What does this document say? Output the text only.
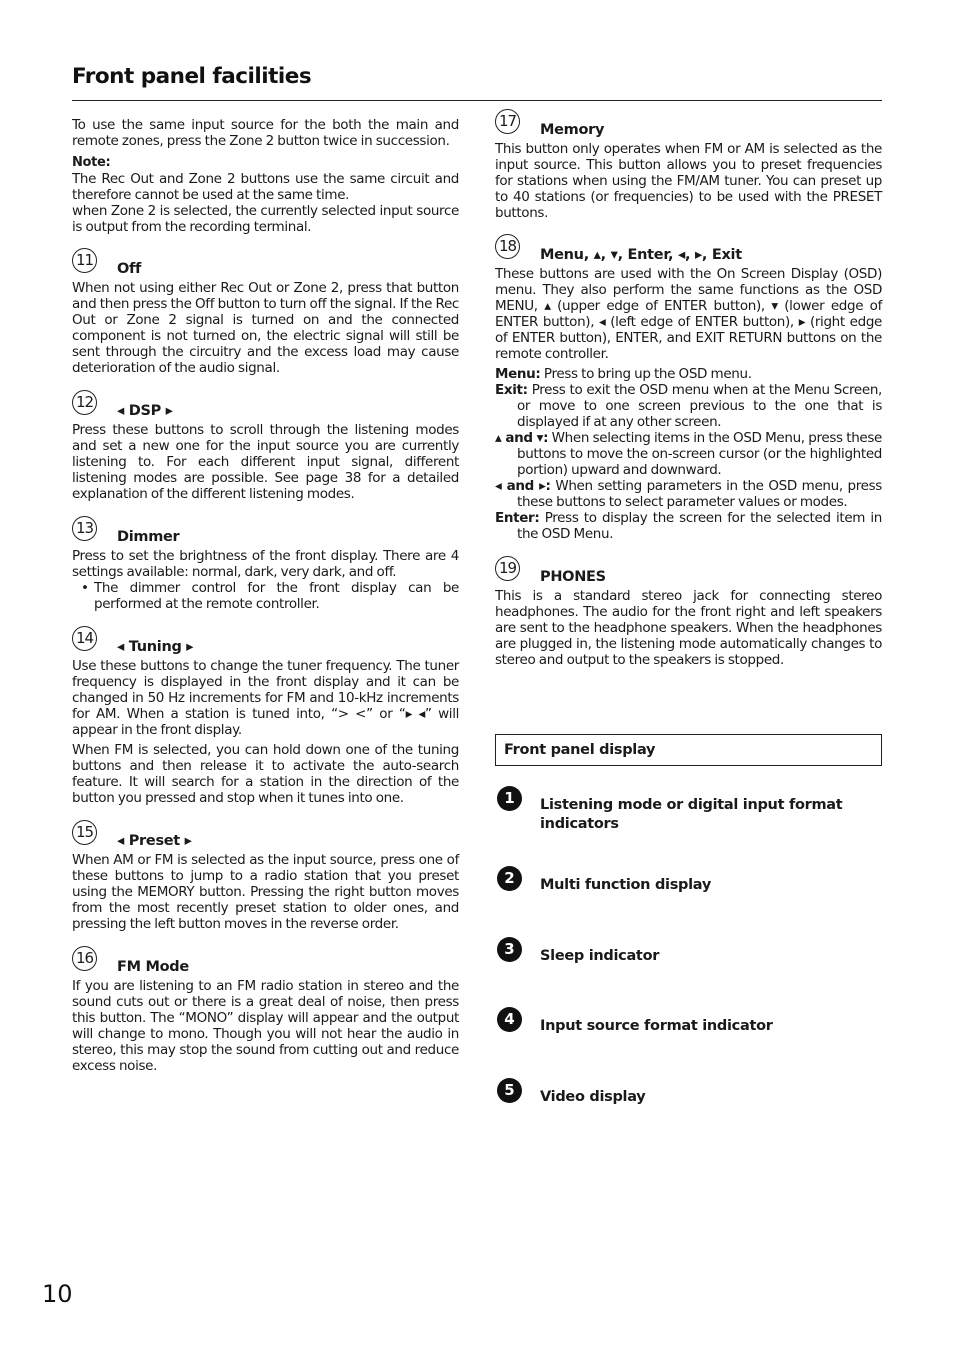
Front panel facilities

To use the same input source for the both the main and remote zones, press the Zone 2 button twice in succession.

Note:

The Rec Out and Zone 2 buttons use the same circuit and therefore cannot be used at the same time.

when Zone 2 is selected, the currently selected input source is output from the recording terminal.

11 Off

When not using either Rec Out or Zone 2, press that button and then press the Off button to turn off the signal. If the Rec Out or Zone 2 signal is turned on and the connected component is not turned on, the electric signal will still be sent through the circuitry and the excess load may cause deterioration of the audio signal.

12 ◂ DSP ▸

Press these buttons to scroll through the listening modes and set a new one for the input source you are currently listening to. For each different input signal, different listening modes are possible. See page 38 for a detailed explanation of the different listening modes.

13 Dimmer

Press to set the brightness of the front display. There are 4 settings available: normal, dark, very dark, and off.

• The dimmer control for the front display can be performed at the remote controller.

14 ◂ Tuning ▸

Use these buttons to change the tuner frequency. The tuner frequency is displayed in the front display and it can be changed in 50 Hz increments for FM and 10-kHz increments for AM. When a station is tuned into, “> <” or “▸ ◂” will appear in the front display.

When FM is selected, you can hold down one of the tuning buttons and then release it to activate the auto-search feature. It will search for a station in the direction of the button you pressed and stop when it tunes into one.

15 ◂ Preset ▸

When AM or FM is selected as the input source, press one of these buttons to jump to a radio station that you preset using the MEMORY button. Pressing the right button moves from the most recently preset station to older ones, and pressing the left button moves in the reverse order.

16 FM Mode

If you are listening to an FM radio station in stereo and the sound cuts out or there is a great deal of noise, then press this button. The “MONO” display will appear and the output will change to mono. Though you will not hear the audio in stereo, this may stop the sound from cutting out and reduce excess noise.

17 Memory

This button only operates when FM or AM is selected as the input source. This button allows you to preset frequencies for stations when using the FM/AM tuner. You can preset up to 40 stations (or frequencies) to be used with the PRESET buttons.

18 Menu, ▴, ▾, Enter, ◂, ▸, Exit

These buttons are used with the On Screen Display (OSD) menu. They also perform the same functions as the OSD MENU, ▴ (upper edge of ENTER button), ▾ (lower edge of ENTER button), ◂ (left edge of ENTER button), ▸ (right edge of ENTER button), ENTER, and EXIT RETURN buttons on the remote controller.

Menu: Press to bring up the OSD menu.

Exit: Press to exit the OSD menu when at the Menu Screen, or move to one screen previous to the one that is displayed if at any other screen.

▴ and ▾: When selecting items in the OSD Menu, press these buttons to move the on-screen cursor (or the highlighted portion) upward and downward.

◂ and ▸: When setting parameters in the OSD menu, press these buttons to select parameter values or modes.

Enter: Press to display the screen for the selected item in the OSD Menu.

19 PHONES

This is a standard stereo jack for connecting stereo headphones. The audio for the front right and left speakers are sent to the headphone speakers. When the headphones are plugged in, the listening mode automatically changes to stereo and output to the speakers is stopped.

Front panel display
1	Listening mode or digital input format indicators
2	Multi function display
3	Sleep indicator
4	Input source format indicator
5	Video display
10
